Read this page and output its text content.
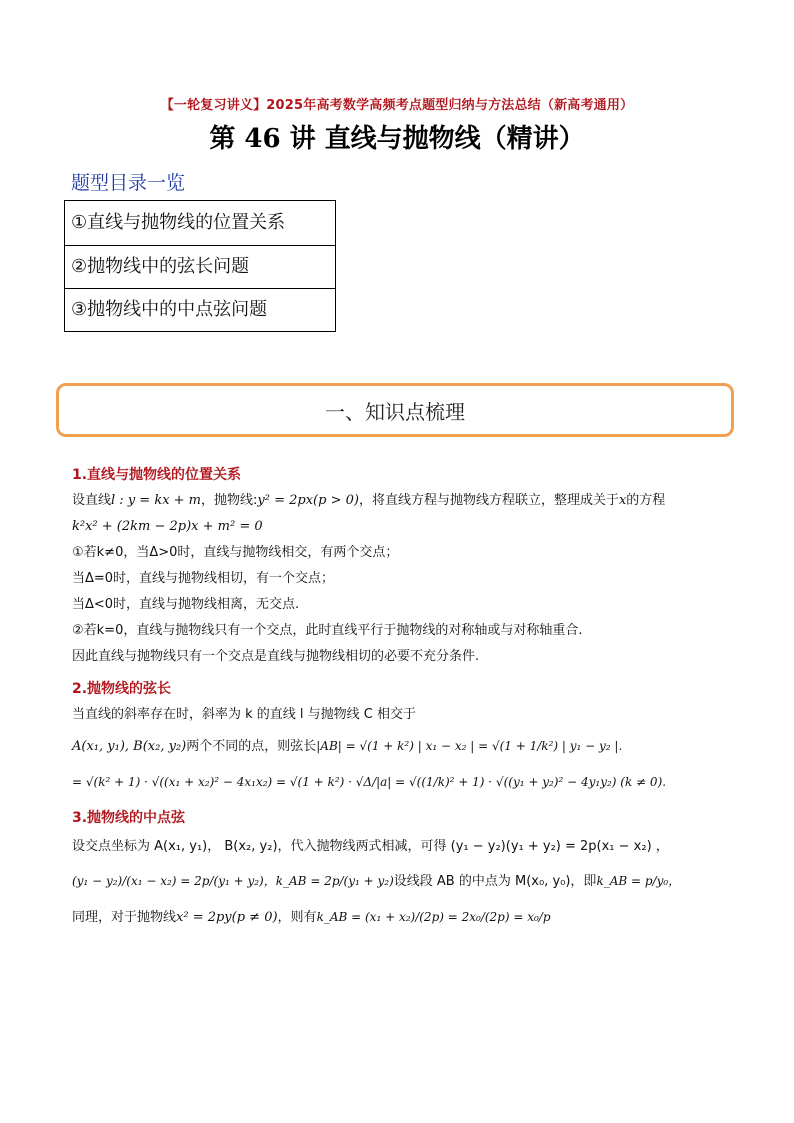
【一轮复习讲义】2025年高考数学高频考点题型归纳与方法总结（新高考通用）
第 46 讲 直线与抛物线（精讲）
题型目录一览
①直线与抛物线的位置关系
②抛物线中的弦长问题
③抛物线中的中点弦问题
一、知识点梳理

1.直线与抛物线的位置关系

设直线l : y = kx + m，抛物线:y² = 2px(p > 0)，将直线方程与抛物线方程联立，整理成关于x的方程

k²x² + (2km − 2p)x + m² = 0

①若k≠0，当Δ>0时，直线与抛物线相交，有两个交点；

当Δ=0时，直线与抛物线相切，有一个交点；

当Δ<0时，直线与抛物线相离，无交点.

②若k=0，直线与抛物线只有一个交点，此时直线平行于抛物线的对称轴或与对称轴重合.

因此直线与抛物线只有一个交点是直线与抛物线相切的必要不充分条件.

2.抛物线的弦长

当直线的斜率存在时，斜率为 k 的直线 l 与抛物线 C 相交于

A(x₁, y₁), B(x₂, y₂)两个不同的点，则弦长|AB| = √(1 + k²) | x₁ − x₂ | = √(1 + 1/k²) | y₁ − y₂ |.

= √(k² + 1) · √((x₁ + x₂)² − 4x₁x₂) = √(1 + k²) · √Δ/|a| = √((1/k)² + 1) · √((y₁ + y₂)² − 4y₁y₂) (k ≠ 0).

3.抛物线的中点弦

设交点坐标为 A(x₁, y₁)， B(x₂, y₂)，代入抛物线两式相减，可得 (y₁ − y₂)(y₁ + y₂) = 2p(x₁ − x₂) ，

(y₁ − y₂)/(x₁ − x₂) = 2p/(y₁ + y₂)，k_AB = 2p/(y₁ + y₂)设线段 AB 的中点为 M(x₀, y₀)，即k_AB = p/y₀，

同理，对于抛物线x² = 2py(p ≠ 0)，则有k_AB = (x₁ + x₂)/(2p) = 2x₀/(2p) = x₀/p
